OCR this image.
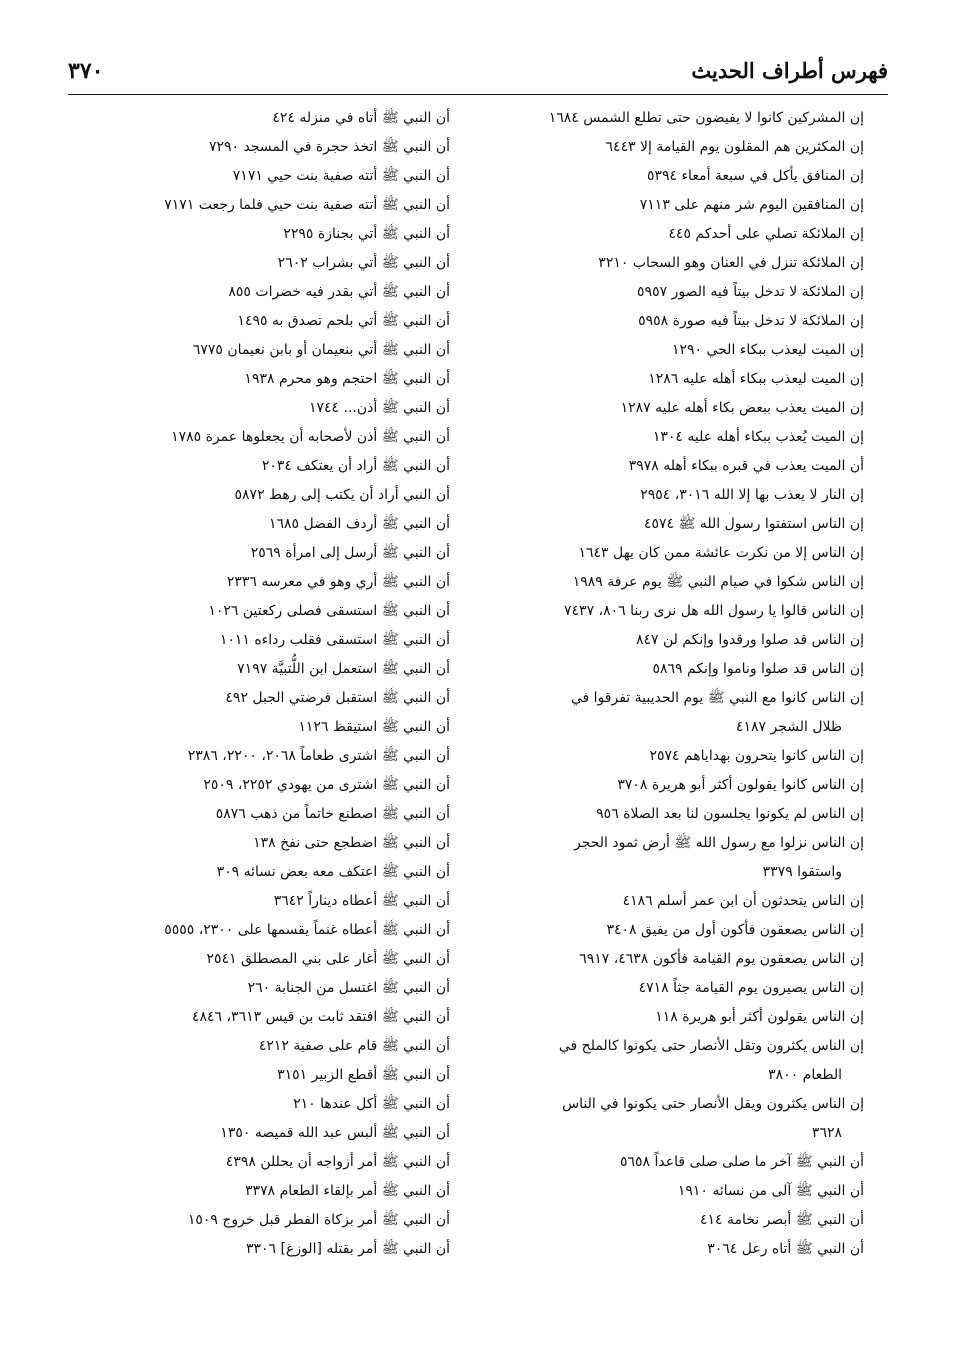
فهرس أطراف الحديث
٣٧٠
إن المشركين كانوا لا يفيضون حتى تطلع الشمس ١٦٨٤
إن المكثرين هم المقلون يوم القيامة إلا ٦٤٤٣
إن المنافق يأكل في سبعة أمعاء ٥٣٩٤
إن المنافقين اليوم شر منهم على ٧١١٣
إن الملائكة تصلي على أحدكم ٤٤٥
إن الملائكة تنزل في العنان وهو السحاب ٣٢١٠
إن الملائكة لا تدخل بيتاً فيه الصور ٥٩٥٧
إن الملائكة لا تدخل بيتاً فيه صورة ٥٩٥٨
إن الميت ليعذب ببكاء الحي ١٢٩٠
إن الميت ليعذب ببكاء أهله عليه ١٢٨٦
إن الميت يعذب ببعض بكاء أهله عليه ١٢٨٧
إن الميت يُعذب ببكاء أهله عليه ١٣٠٤
أن الميت يعذب في قبره ببكاء أهله ٣٩٧٨
إن النار لا يعذب بها إلا الله ٣٠١٦، ٢٩٥٤
إن الناس استفتوا رسول الله ﷺ ٤٥٧٤
إن الناس إلا من نكرت عائشة ممن كان يهل ١٦٤٣
إن الناس شكوا في صيام النبي ﷺ يوم عرفة ١٩٨٩
إن الناس قالوا يا رسول الله هل نرى ربنا ٨٠٦، ٧٤٣٧
إن الناس قد صلوا ورقدوا وإنكم لن ٨٤٧
إن الناس قد صلوا وناموا وإنكم ٥٨٦٩
إن الناس كانوا مع النبي ﷺ يوم الحديبية تفرقوا في
ظلال الشجر ٤١٨٧
إن الناس كانوا يتحرون بهداياهم ٢٥٧٤
إن الناس كانوا يقولون أكثر أبو هريرة ٣٧٠٨
إن الناس لم يكونوا يجلسون لنا بعد الصلاة ٩٥٦
إن الناس نزلوا مع رسول الله ﷺ أرض ثمود الحجر
واستقوا ٣٣٧٩
إن الناس يتحدثون أن ابن عمر أسلم ٤١٨٦
إن الناس يصعقون فأكون أول من يفيق ٣٤٠٨
إن الناس يصعقون يوم القيامة فأكون ٤٦٣٨، ٦٩١٧
إن الناس يصيرون يوم القيامة جثاً ٤٧١٨
إن الناس يقولون أكثر أبو هريرة ١١٨
إن الناس يكثرون وتقل الأنصار حتى يكونوا كالملح في
الطعام ٣٨٠٠
إن الناس يكثرون ويقل الأنصار حتى يكونوا في الناس
٣٦٢٨
أن النبي ﷺ آخر ما صلى صلى قاعداً ٥٦٥٨
أن النبي ﷺ آلى من نسائه ١٩١٠
أن النبي ﷺ أبصر نخامة ٤١٤
أن النبي ﷺ أتاه رعل ٣٠٦٤
أن النبي ﷺ أتاه في منزله ٤٢٤
أن النبي ﷺ اتخذ حجرة في المسجد ٧٢٩٠
أن النبي ﷺ أتته صفية بنت حيي ٧١٧١
أن النبي ﷺ أتته صفية بنت حيي فلما رجعت ٧١٧١
أن النبي ﷺ أتي بجنازة ٢٢٩٥
أن النبي ﷺ أتي بشراب ٢٦٠٢
أن النبي ﷺ أتي بقدر فيه خضرات ٨٥٥
أن النبي ﷺ أتي بلحم تصدق به ١٤٩٥
أن النبي ﷺ أتي بنعيمان أو بابن نعيمان ٦٧٧٥
أن النبي ﷺ احتجم وهو محرم ١٩٣٨
أن النبي ﷺ أذن... ١٧٤٤
أن النبي ﷺ أذن لأصحابه أن يجعلوها عمرة ١٧٨٥
أن النبي ﷺ أراد أن يعتكف ٢٠٣٤
أن النبي أراد أن يكتب إلى رهط ٥٨٧٢
أن النبي ﷺ أردف الفضل ١٦٨٥
أن النبي ﷺ أرسل إلى امرأة ٢٥٦٩
أن النبي ﷺ أري وهو في معرسه ٢٣٣٦
أن النبي ﷺ استسقى فصلى ركعتين ١٠٢٦
أن النبي ﷺ استسقى فقلب رداءه ١٠١١
أن النبي ﷺ استعمل ابن اللُّتبيَّة ٧١٩٧
أن النبي ﷺ استقبل فرضتي الجبل ٤٩٢
أن النبي ﷺ استيقظ ١١٢٦
أن النبي ﷺ اشترى طعاماً ٢٠٦٨، ٢٢٠٠، ٢٣٨٦
أن النبي ﷺ اشترى من يهودي ٢٢٥٢، ٢٥٠٩
أن النبي ﷺ اصطنع خاتماً من ذهب ٥٨٧٦
أن النبي ﷺ اضطجع حتى نفخ ١٣٨
أن النبي ﷺ اعتكف معه بعض نسائه ٣٠٩
أن النبي ﷺ أعطاه ديناراً ٣٦٤٢
أن النبي ﷺ أعطاه غنماً يقسمها على ٢٣٠٠، ٥٥٥٥
أن النبي ﷺ أغار على بني المصطلق ٢٥٤١
أن النبي ﷺ اغتسل من الجنابة ٢٦٠
أن النبي ﷺ افتقد ثابت بن قيس ٣٦١٣، ٤٨٤٦
أن النبي ﷺ قام على صفية ٤٢١٢
أن النبي ﷺ أقطع الزبير ٣١٥١
أن النبي ﷺ أكل عندها ٢١٠
أن النبي ﷺ ألبس عبد الله قميصه ١٣٥٠
أن النبي ﷺ أمر أزواجه أن يحللن ٤٣٩٨
أن النبي ﷺ أمر بإلقاء الطعام ٣٣٧٨
أن النبي ﷺ أمر بزكاة الفطر قبل خروج ١٥٠٩
أن النبي ﷺ أمر بقتله [الوزغ] ٣٣٠٦
